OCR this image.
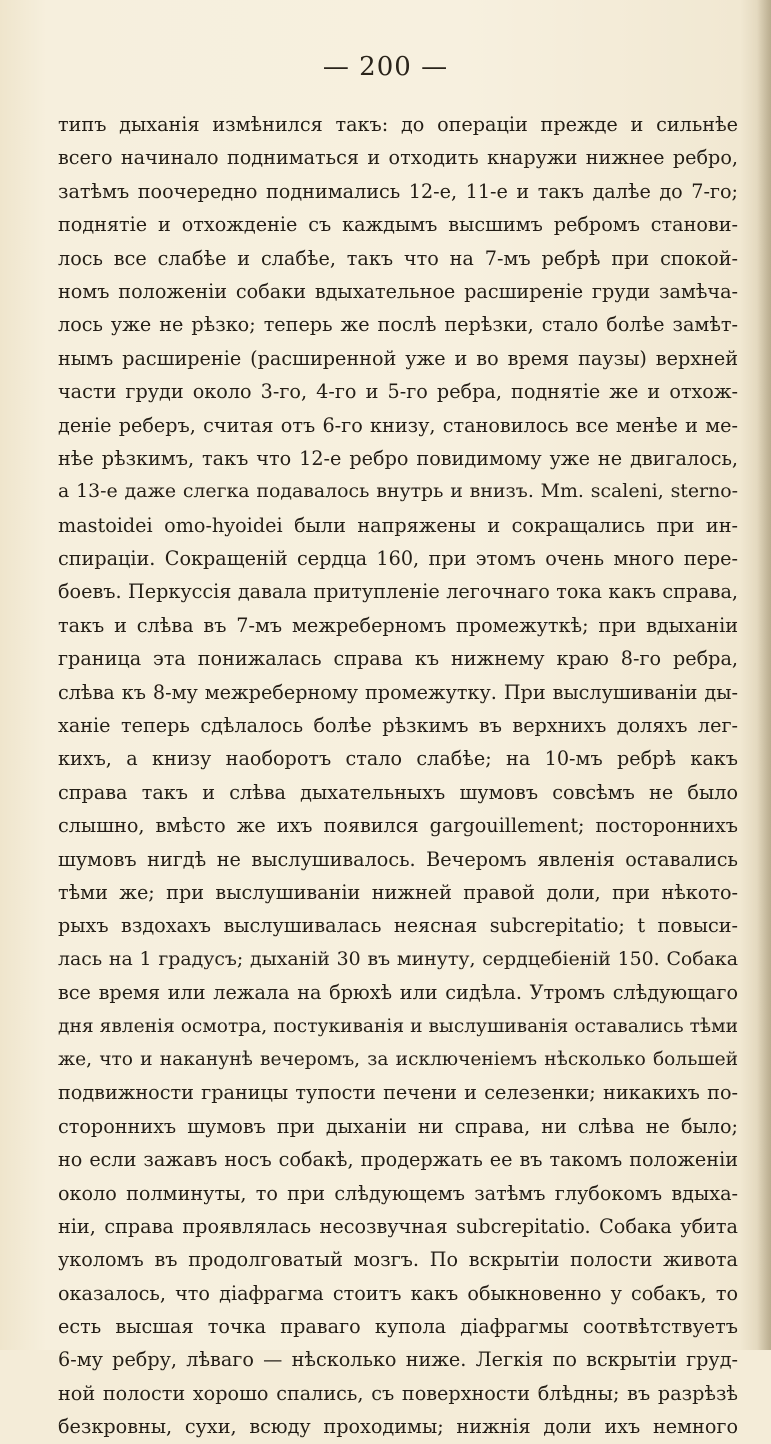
— 200 —
типъ дыханія измѣнился такъ: до операціи прежде и сильнѣе
всего начинало подниматься и отходить кнаружи нижнее ребро,
затѣмъ поочередно поднимались 12-е, 11-е и такъ далѣе до 7-го;
поднятіе и отхожденіе съ каждымъ высшимъ ребромъ станови-
лось все слабѣе и слабѣе, такъ что на 7-мъ ребрѣ при спокой-
номъ положеніи собаки вдыхательное расширеніе груди замѣча-
лось уже не рѣзко; теперь же послѣ перѣзки, стало болѣе замѣт-
нымъ расширеніе (расширенной уже и во время паузы) верхней
части груди около 3-го, 4-го и 5-го ребра, поднятіе же и отхож-
деніе реберъ, считая отъ 6-го книзу, становилось все менѣе и ме-
нѣе рѣзкимъ, такъ что 12-е ребро повидимому уже не двигалось,
а 13-е даже слегка подавалось внутрь и внизъ. Mm. scaleni, sterno-
mastoidei omo-hyoidei были напряжены и сокращались при ин-
спираціи. Сокращеній сердца 160, при этомъ очень много пере-
боевъ. Перкуссія давала притупленіе легочнаго тока какъ справа,
такъ и слѣва въ 7-мъ межреберномъ промежуткѣ; при вдыханіи
граница эта понижалась справа къ нижнему краю 8-го ребра,
слѣва къ 8-му межреберному промежутку. При выслушиваніи ды-
ханіе теперь сдѣлалось болѣе рѣзкимъ въ верхнихъ доляхъ лег-
кихъ, а книзу наоборотъ стало слабѣе; на 10-мъ ребрѣ какъ
справа такъ и слѣва дыхательныхъ шумовъ совсѣмъ не было
слышно, вмѣсто же ихъ появился gargouillement; постороннихъ
шумовъ нигдѣ не выслушивалось. Вечеромъ явленія оставались
тѣми же; при выслушиваніи нижней правой доли, при нѣкото-
рыхъ вздохахъ выслушивалась неясная subcrepitatio; t повыси-
лась на 1 градусъ; дыханій 30 въ минуту, сердцебіеній 150. Собака
все время или лежала на брюхѣ или сидѣла. Утромъ слѣдующаго
дня явленія осмотра, постукиванія и выслушиванія оставались тѣми
же, что и наканунѣ вечеромъ, за исключеніемъ нѣсколько большей
подвижности границы тупости печени и селезенки; никакихъ по-
стороннихъ шумовъ при дыханіи ни справа, ни слѣва не было;
но если зажавъ носъ собакѣ, продержать ее въ такомъ положеніи
около полминуты, то при слѣдующемъ затѣмъ глубокомъ вдыха-
ніи, справа проявлялась несозвучная subcrepitatio. Собака убита
уколомъ въ продолговатый мозгъ. По вскрытіи полости живота
оказалось, что діафрагма стоитъ какъ обыкновенно у собакъ, то
есть высшая точка праваго купола діафрагмы соотвѣтствуетъ
6-му ребру, лѣваго — нѣсколько ниже. Легкія по вскрытіи груд-
ной полости хорошо спались, съ поверхности блѣдны; въ разрѣзѣ
безкровны, сухи, всюду проходимы; нижнія доли ихъ немного
